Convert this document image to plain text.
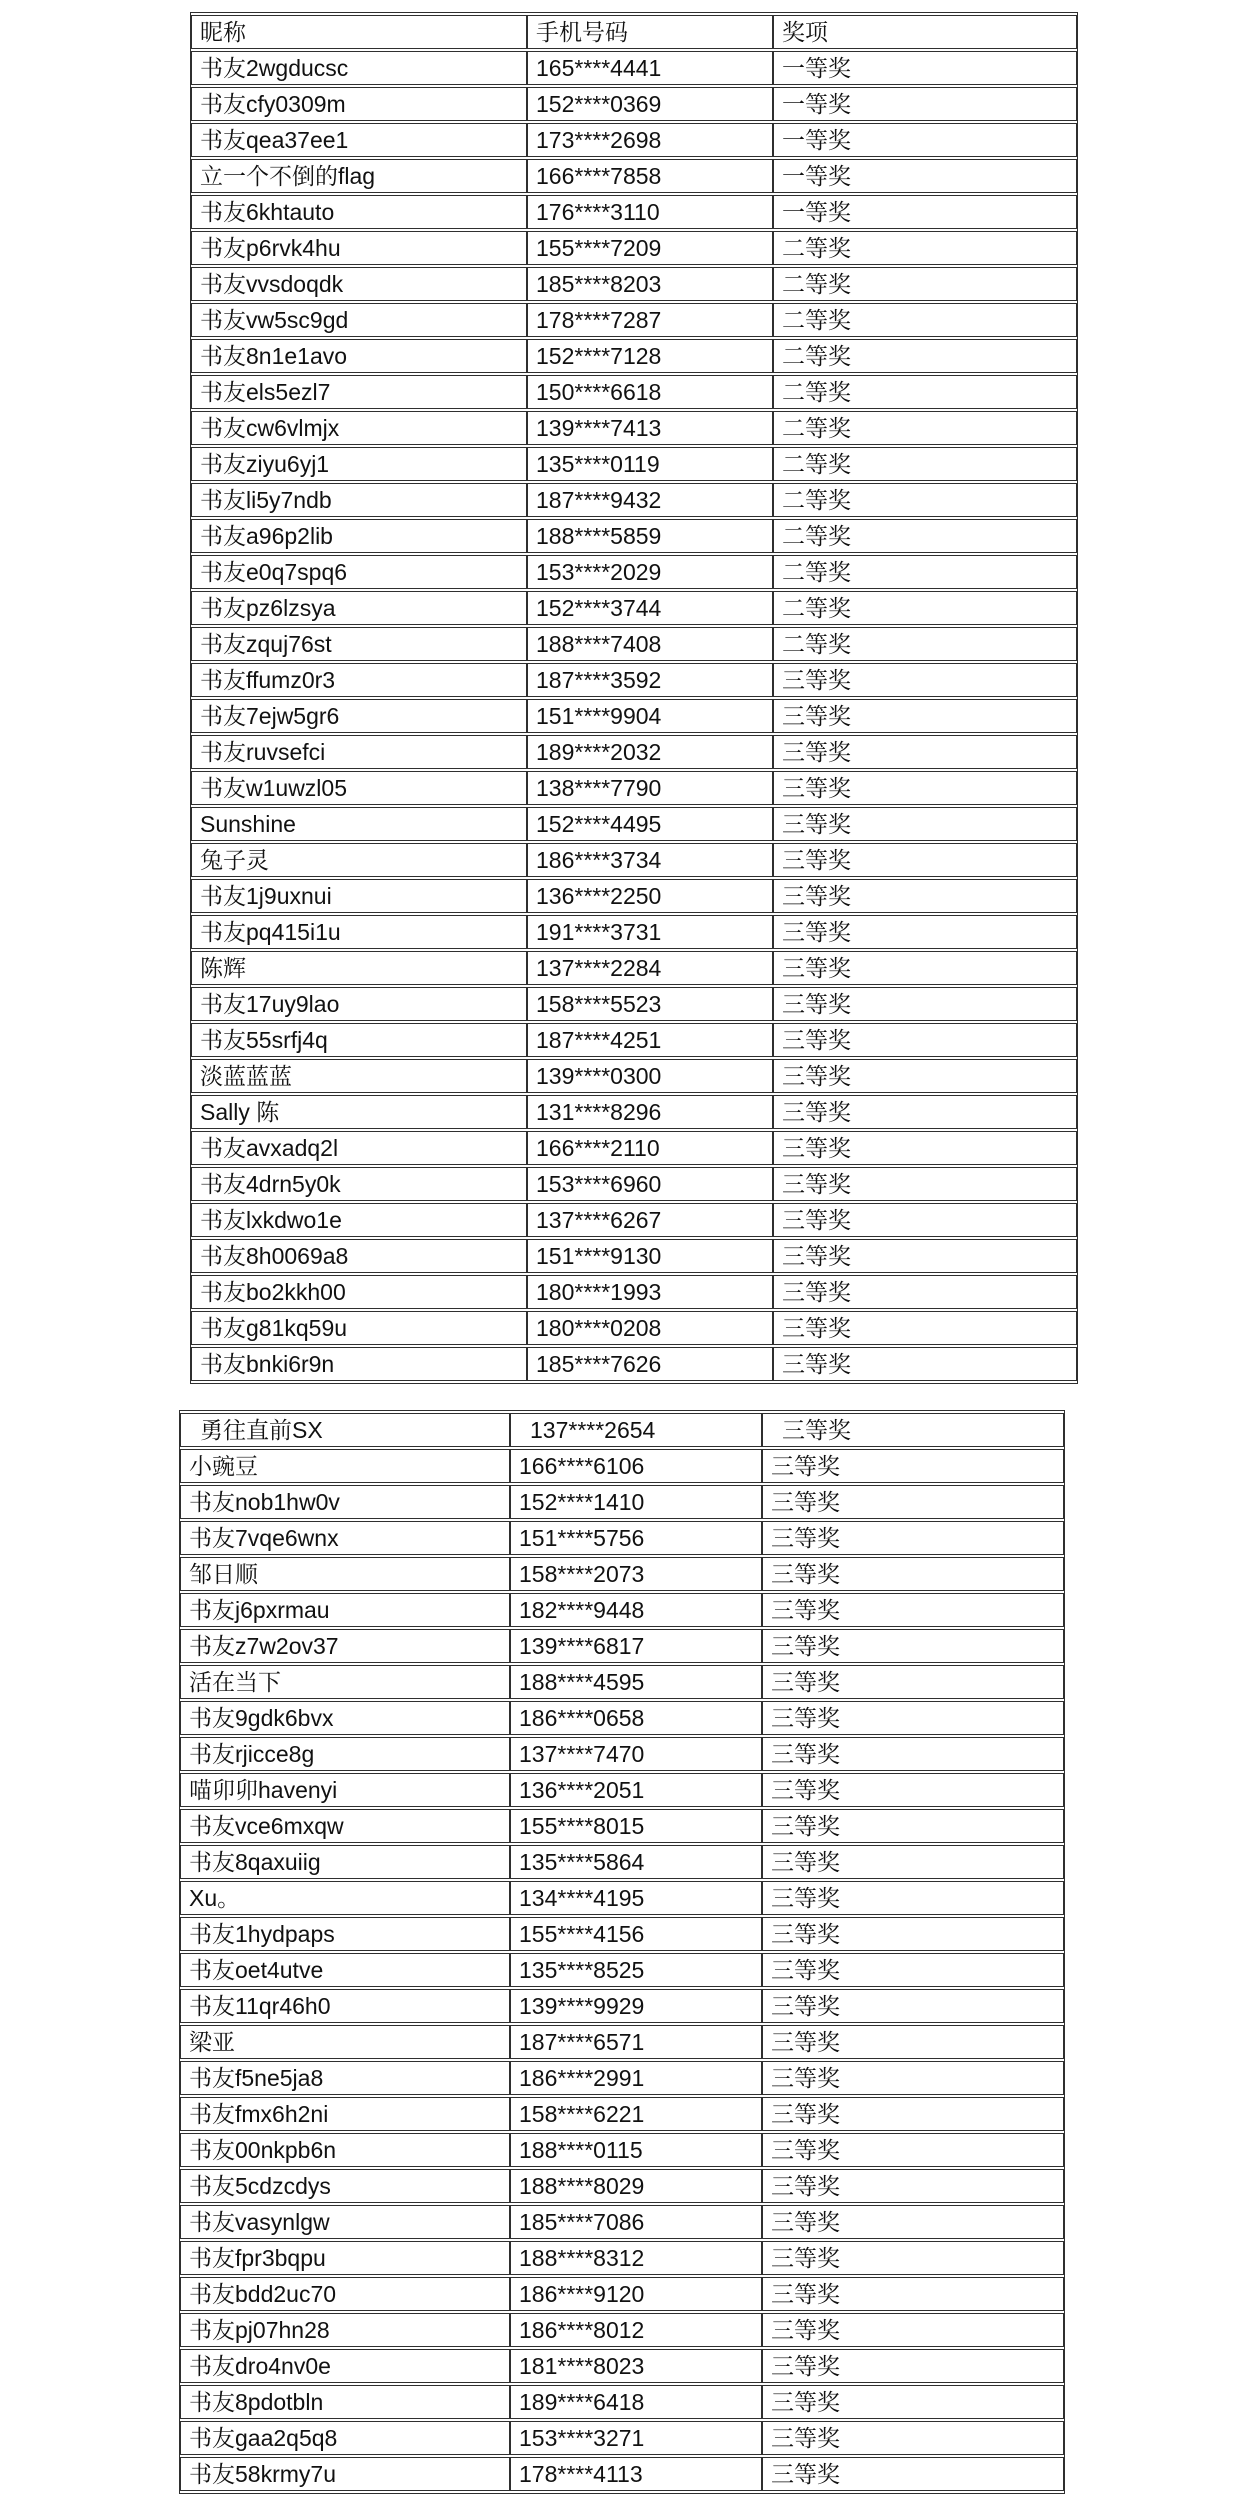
昵称	手机号码	奖项
书友2wgducsc	165****4441	一等奖
书友cfy0309m	152****0369	一等奖
书友qea37ee1	173****2698	一等奖
立一个不倒的flag	166****7858	一等奖
书友6khtauto	176****3110	一等奖
书友p6rvk4hu	155****7209	二等奖
书友vvsdoqdk	185****8203	二等奖
书友vw5sc9gd	178****7287	二等奖
书友8n1e1avo	152****7128	二等奖
书友els5ezl7	150****6618	二等奖
书友cw6vlmjx	139****7413	二等奖
书友ziyu6yj1	135****0119	二等奖
书友li5y7ndb	187****9432	二等奖
书友a96p2lib	188****5859	二等奖
书友e0q7spq6	153****2029	二等奖
书友pz6lzsya	152****3744	二等奖
书友zquj76st	188****7408	二等奖
书友ffumz0r3	187****3592	三等奖
书友7ejw5gr6	151****9904	三等奖
书友ruvsefci	189****2032	三等奖
书友w1uwzl05	138****7790	三等奖
Sunshine	152****4495	三等奖
兔子灵	186****3734	三等奖
书友1j9uxnui	136****2250	三等奖
书友pq415i1u	191****3731	三等奖
陈辉	137****2284	三等奖
书友17uy9lao	158****5523	三等奖
书友55srfj4q	187****4251	三等奖
淡蓝蓝蓝	139****0300	三等奖
Sally 陈	131****8296	三等奖
书友avxadq2l	166****2110	三等奖
书友4drn5y0k	153****6960	三等奖
书友lxkdwo1e	137****6267	三等奖
书友8h0069a8	151****9130	三等奖
书友bo2kkh00	180****1993	三等奖
书友g81kq59u	180****0208	三等奖
书友bnki6r9n	185****7626	三等奖
勇往直前SX	137****2654	三等奖
小豌豆	166****6106	三等奖
书友nob1hw0v	152****1410	三等奖
书友7vqe6wnx	151****5756	三等奖
邹日顺	158****2073	三等奖
书友j6pxrmau	182****9448	三等奖
书友z7w2ov37	139****6817	三等奖
活在当下	188****4595	三等奖
书友9gdk6bvx	186****0658	三等奖
书友rjicce8g	137****7470	三等奖
喵卯卯havenyi	136****2051	三等奖
书友vce6mxqw	155****8015	三等奖
书友8qaxuiig	135****5864	三等奖
Xu。	134****4195	三等奖
书友1hydpaps	155****4156	三等奖
书友oet4utve	135****8525	三等奖
书友11qr46h0	139****9929	三等奖
梁亚	187****6571	三等奖
书友f5ne5ja8	186****2991	三等奖
书友fmx6h2ni	158****6221	三等奖
书友00nkpb6n	188****0115	三等奖
书友5cdzcdys	188****8029	三等奖
书友vasynlgw	185****7086	三等奖
书友fpr3bqpu	188****8312	三等奖
书友bdd2uc70	186****9120	三等奖
书友pj07hn28	186****8012	三等奖
书友dro4nv0e	181****8023	三等奖
书友8pdotbln	189****6418	三等奖
书友gaa2q5q8	153****3271	三等奖
书友58krmy7u	178****4113	三等奖
